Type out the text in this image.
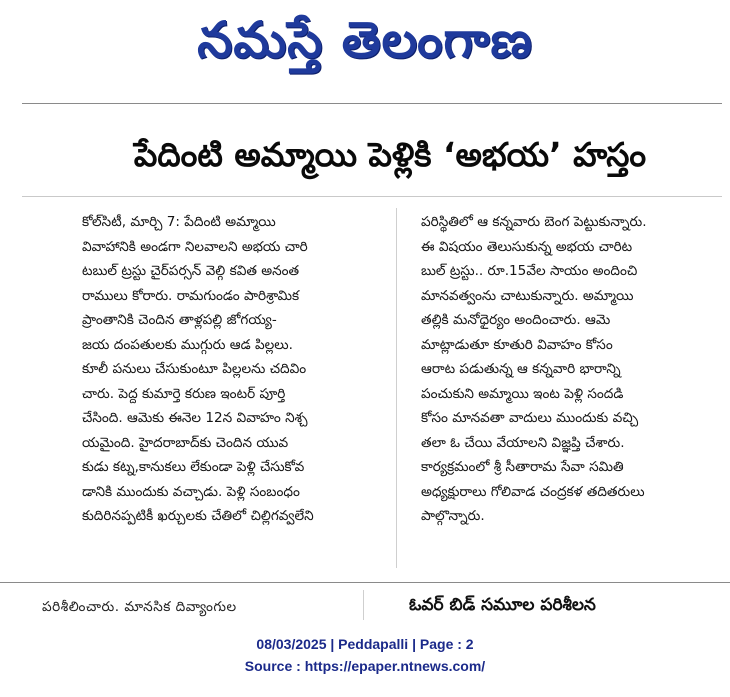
నమస్తే తెలంగాణ
పేదింటి అమ్మాయి పెళ్లికి ‘అభయ’ హస్తం
కోల్‌సిటీ, మార్చి 7: పేదింటి అమ్మాయి
వివాహానికి అండగా నిలవాలని అభయ చారి
టబుల్ ట్రస్టు చైర్‌పర్సన్ వెల్గి కవిత అనంత
రాములు కోరారు. రామగుండం పారిశ్రామిక
ప్రాంతానికి చెందిన తాళ్లపల్లి జోగయ్య-
జయ దంపతులకు ముగ్గురు ఆడ పిల్లలు.
కూలీ పనులు చేసుకుంటూ పిల్లలను చదివిం
చారు. పెద్ద కుమార్తె కరుణ ఇంటర్ పూర్తి
చేసింది. ఆమెకు ఈనెల 12న వివాహం నిశ్చ
యమైంది. హైదరాబాద్‌కు చెందిన యువ
కుడు కట్న,కానుకలు లేకుండా పెళ్లి చేసుకోవ
డానికి ముందుకు వచ్చాడు. పెళ్లి సంబంధం
కుదిరినప్పటికీ ఖర్చులకు చేతిలో చిల్లిగవ్వలేని
పరిస్థితిలో ఆ కన్నవారు బెంగ పెట్టుకున్నారు.
ఈ విషయం తెలుసుకున్న అభయ చారిట
బుల్ ట్రస్టు.. రూ.15వేల సాయం అందించి
మానవత్వంను చాటుకున్నారు. అమ్మాయి
తల్లికి మనోధైర్యం అందించారు. ఆమె
మాట్లాడుతూ కూతురి వివాహం కోసం
ఆరాట పడుతున్న ఆ కన్నవారి భారాన్ని
పంచుకుని అమ్మాయి ఇంట పెళ్లి సందడి
కోసం మానవతా వాదులు ముందుకు వచ్చి
తలా ఓ చేయి వేయాలని విజ్ఞప్తి చేశారు.
కార్యక్రమంలో శ్రీ సీతారామ సేవా సమితి
అధ్యక్షురాలు గోలివాడ చంద్రకళ తదితరులు
పాల్గొన్నారు.
పరిశీలించారు. మానసిక దివ్యాంగుల	ఓవర్ బిడ్ సమూల పరిశీలన
08/03/2025 | Peddapalli | Page : 2
Source : https://epaper.ntnews.com/
